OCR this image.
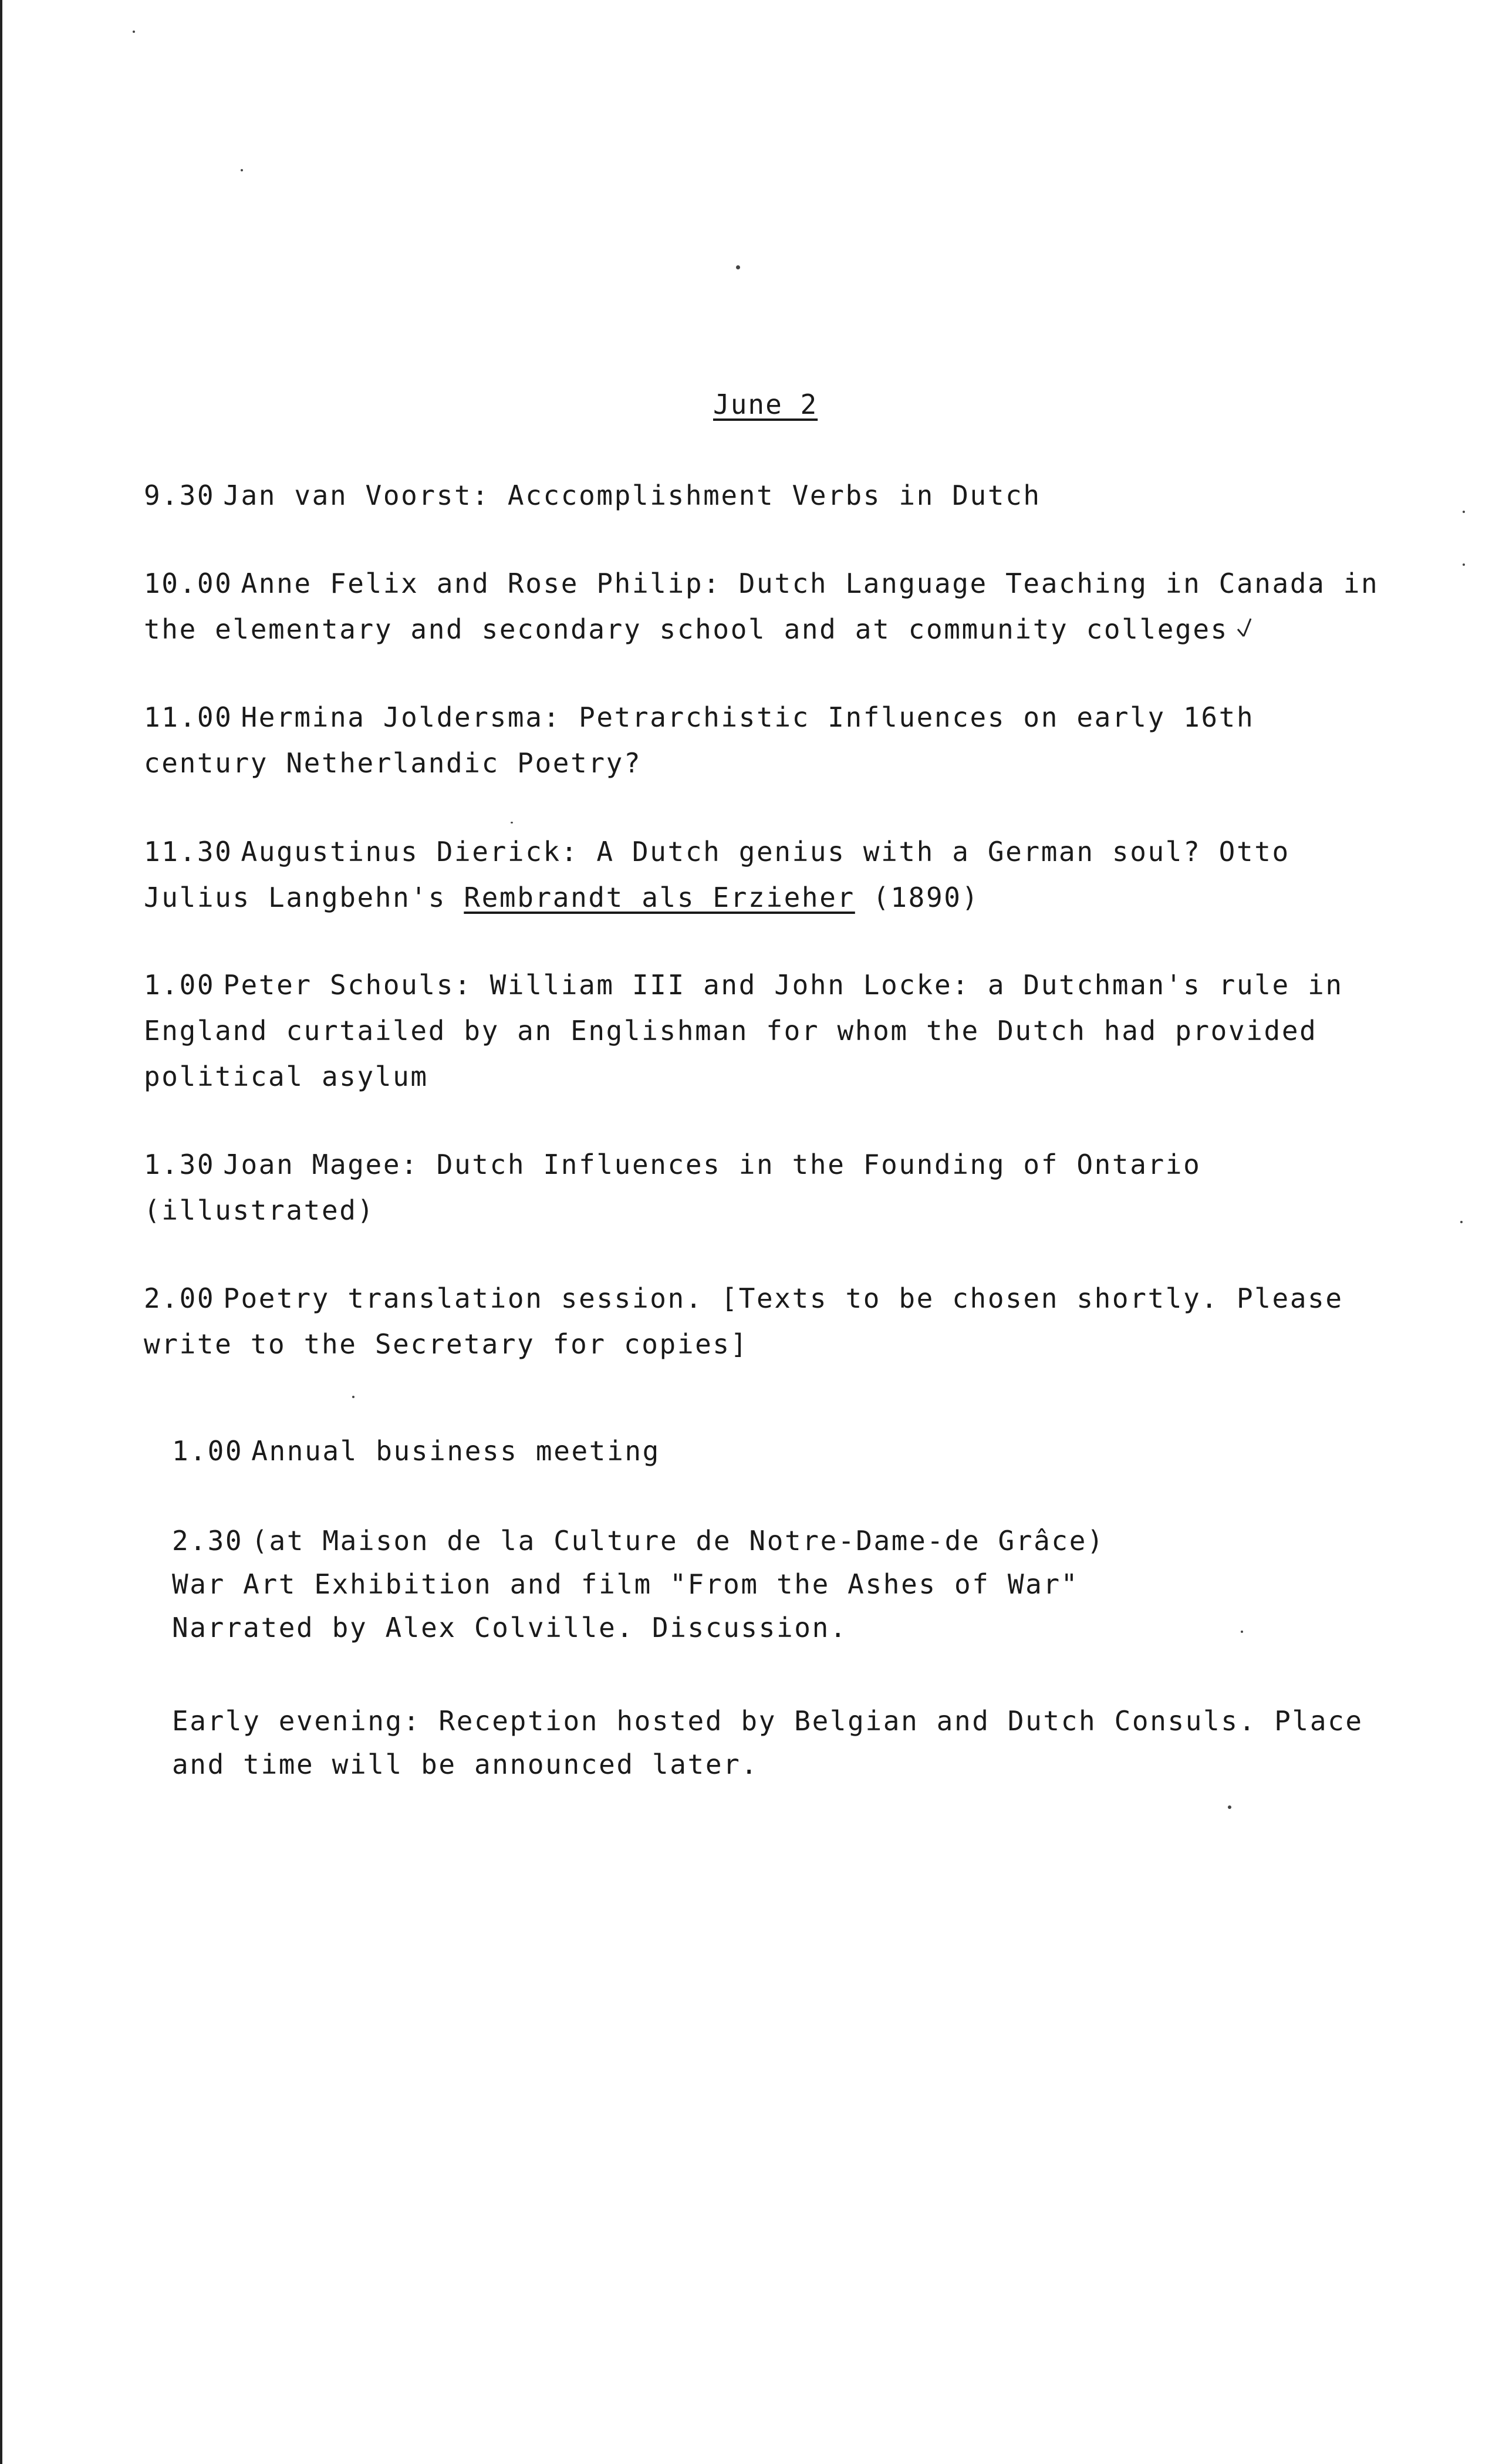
June 2
9.30 Jan van Voorst: Acccomplishment Verbs in Dutch
10.00 Anne Felix and Rose Philip: Dutch Language Teaching in Canada in
the elementary and secondary school and at community colleges
11.00 Hermina Joldersma: Petrarchistic Influences on early 16th
century Netherlandic Poetry?
11.30 Augustinus Dierick: A Dutch genius with a German soul? Otto
Julius Langbehn's Rembrandt als Erzieher (1890)
1.00 Peter Schouls: William III and John Locke: a Dutchman's rule in
England curtailed by an Englishman for whom the Dutch had provided
political asylum
1.30 Joan Magee: Dutch Influences in the Founding of Ontario
(illustrated)
2.00 Poetry translation session. [Texts to be chosen shortly. Please
write to the Secretary for copies]
1.00 Annual business meeting
2.30 (at Maison de la Culture de Notre-Dame-de Grâce)
War Art Exhibition and film "From the Ashes of War"
Narrated by Alex Colville. Discussion.
Early evening: Reception hosted by Belgian and Dutch Consuls. Place
and time will be announced later.
